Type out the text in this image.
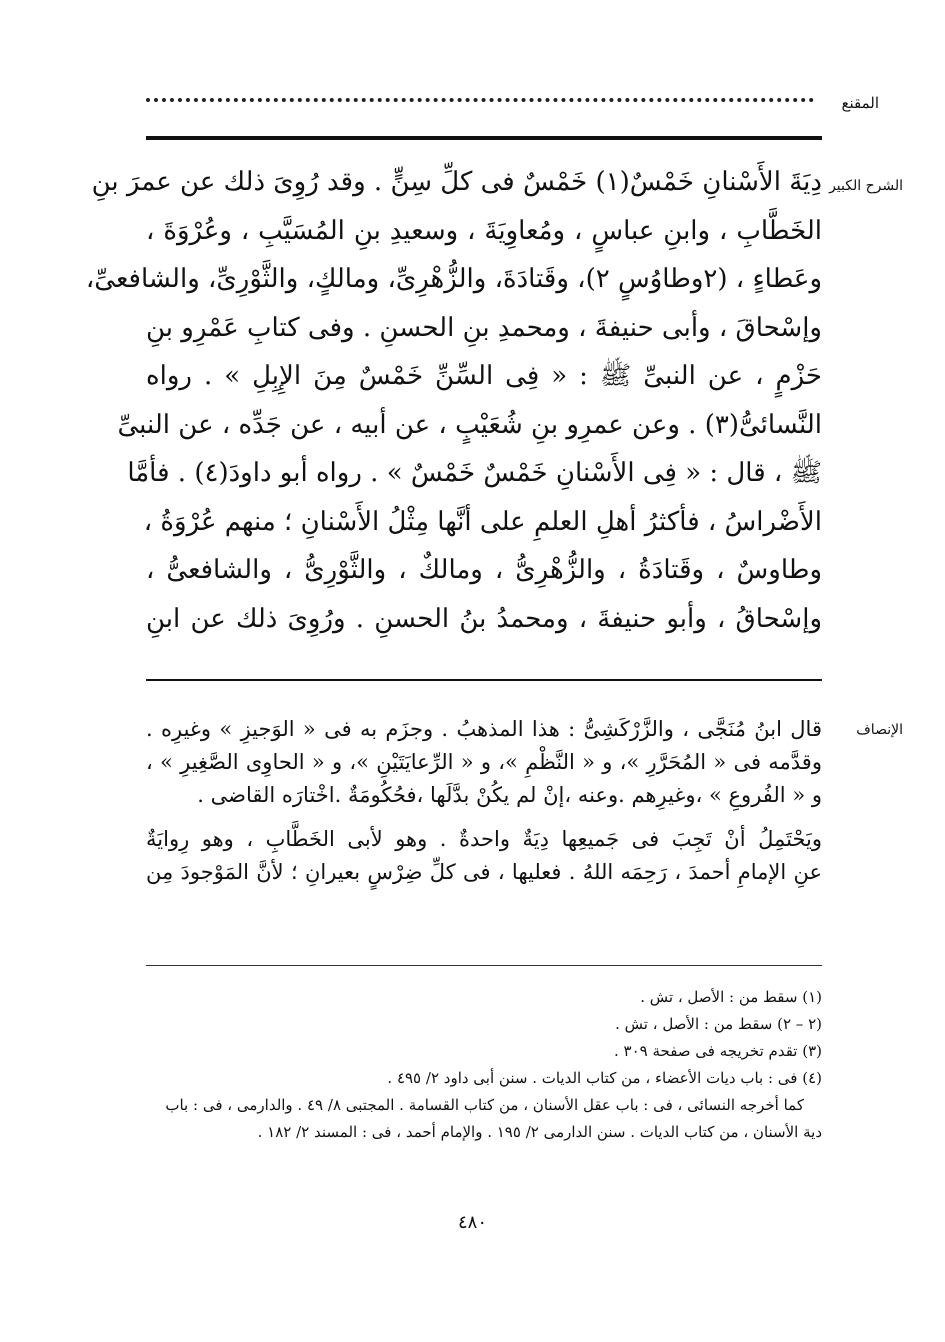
المقنع
الشرح الكبير
دِيَةَ الأَسْنانِ خَمْسٌ(١) خَمْسٌ فى كلِّ سِنٍّ . وقد رُوِىَ ذلك عن عمرَ بنِ
الخَطَّابِ ، وابنِ عباسٍ ، ومُعاوِيَةَ ، وسعيدِ بنِ المُسَيَّبِ ، وعُرْوَةَ ،
وعَطاءٍ ، (٢وطاوُسٍ ٢)، وقَتادَةَ، والزُّهْرِىِّ، ومالكٍ، والثَّوْرِىِّ، والشافعىِّ،
وإسْحاقَ ، وأبى حنيفةَ ، ومحمدِ بنِ الحسنِ . وفى كتابِ عَمْرِو بنِ
حَزْمٍ ، عن النبىِّ ﷺ : « فِى السِّنِّ خَمْسٌ مِنَ الإِبِلِ » . رواه
النَّسائىُّ(٣) . وعن عمرِو بنِ شُعَيْبٍ ، عن أبيه ، عن جَدِّه ، عن النبىِّ
ﷺ ، قال : « فِى الأَسْنانِ خَمْسٌ خَمْسٌ » . رواه أبو داودَ(٤) . فأمَّا
الأَضْراسُ ، فأكثرُ أهلِ العلمِ على أنَّها مِثْلُ الأَسْنانِ ؛ منهم عُرْوَةُ ،
وطاوسٌ ، وقَتادَةُ ، والزُّهْرِىُّ ، ومالكٌ ، والثَّوْرِىُّ ، والشافعىُّ ،
وإسْحاقُ ، وأبو حنيفةَ ، ومحمدُ بنُ الحسنِ . ورُوِىَ ذلك عن ابنِ
الإنصاف
قال ابنُ مُنَجَّى ، والزَّرْكَشِىُّ : هذا المذهبُ . وجزَم به فى « الوَجيزِ » وغيرِه .
وقدَّمه فى « المُحَرَّرِ »، و « النَّظْمِ »، و « الرِّعايَتَيْنِ »، و « الحاوِى الصَّغِيرِ » ،
و « الفُروعِ » ،وغيرِهم .وعنه ،إنْ لم يكُنْ بدَّلَها ،فحُكُومَةٌ .اخْتارَه القاضى .
ويَحْتَمِلُ أنْ تَجِبَ فى جَميعِها دِيَةٌ واحدةٌ . وهو لأبى الخَطَّابِ ، وهو رِوايَةٌ
عنِ الإمامِ أحمدَ ، رَحِمَه اللهُ . فعليها ، فى كلِّ ضِرْسٍ بعيرانِ ؛ لأنَّ المَوْجودَ مِن
(١) سقط من : الأصل ، تش .
(٢ – ٢) سقط من : الأصل ، تش .
(٣) تقدم تخريجه فى صفحة ٣٠٩ .
(٤) فى : باب ديات الأعضاء ، من كتاب الديات . سنن أبى داود ٢/ ٤٩٥ .
كما أخرجه النسائى ، فى : باب عقل الأسنان ، من كتاب القسامة . المجتبى ٨/ ٤٩ . والدارمى ، فى : باب
دية الأسنان ، من كتاب الديات . سنن الدارمى ٢/ ١٩٥ . والإمام أحمد ، فى : المسند ٢/ ١٨٢ .
٤٨٠
